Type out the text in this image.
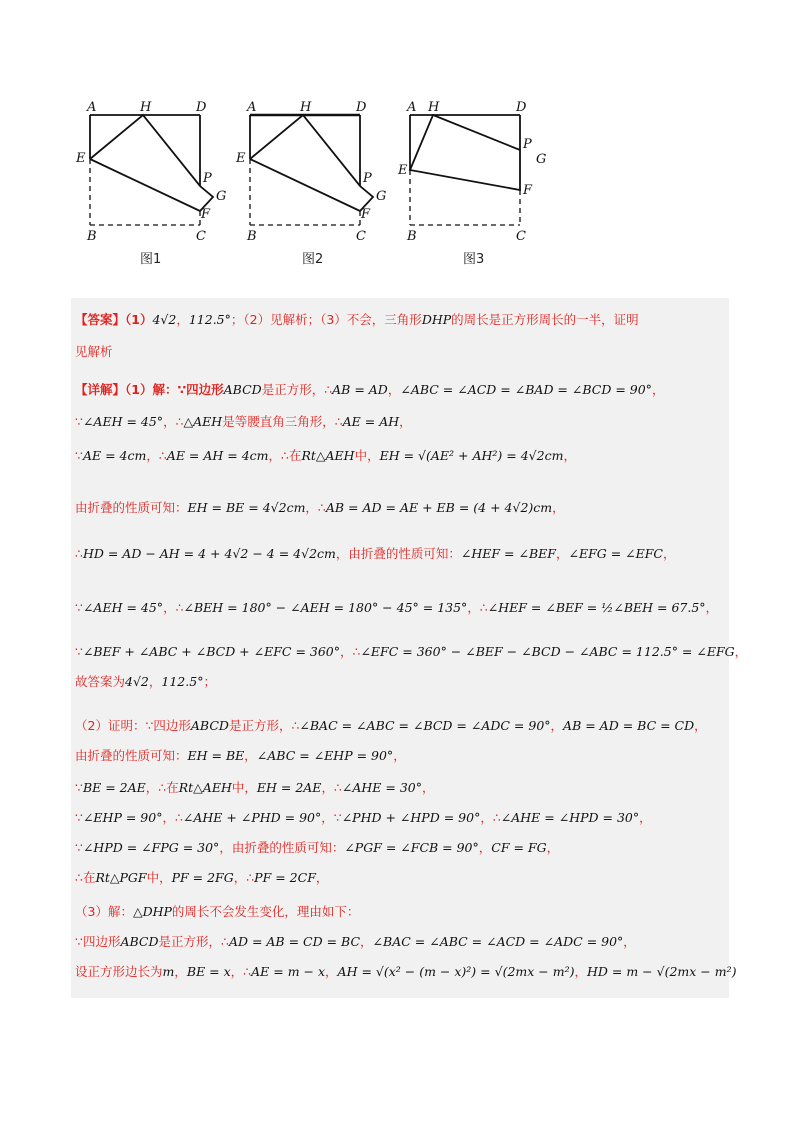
A	H	D
E
P
G
F
B	C
A	H	D
E
P
G
F
B	C
A H	D
E
P
G
F
B	C
图1	图2	图3
【答案】（1）4√2，112.5°；（2）见解析；（3）不会，三角形DHP的周长是正方形周长的一半，证明
见解析
【详解】（1）解：∵四边形ABCD是正方形，∴AB = AD，∠ABC = ∠ACD = ∠BAD = ∠BCD = 90°，
∵∠AEH = 45°，∴△AEH是等腰直角三角形，∴AE = AH，
∵AE = 4cm，∴AE = AH = 4cm，∴在Rt△AEH中，EH = √(AE² + AH²) = 4√2cm，
由折叠的性质可知：EH = BE = 4√2cm，∴AB = AD = AE + EB = (4 + 4√2)cm，
∴HD = AD − AH = 4 + 4√2 − 4 = 4√2cm，由折叠的性质可知：∠HEF = ∠BEF，∠EFG = ∠EFC，
∵∠AEH = 45°，∴∠BEH = 180° − ∠AEH = 180° − 45° = 135°，∴∠HEF = ∠BEF = ½∠BEH = 67.5°，
∵∠BEF + ∠ABC + ∠BCD + ∠EFC = 360°，∴∠EFC = 360° − ∠BEF − ∠BCD − ∠ABC = 112.5° = ∠EFG，
故答案为4√2，112.5°；
（2）证明：∵四边形ABCD是正方形，∴∠BAC = ∠ABC = ∠BCD = ∠ADC = 90°，AB = AD = BC = CD，
由折叠的性质可知：EH = BE，∠ABC = ∠EHP = 90°，
∵BE = 2AE，∴在Rt△AEH中，EH = 2AE，∴∠AHE = 30°，
∵∠EHP = 90°，∴∠AHE + ∠PHD = 90°，∵∠PHD + ∠HPD = 90°，∴∠AHE = ∠HPD = 30°，
∵∠HPD = ∠FPG = 30°，由折叠的性质可知：∠PGF = ∠FCB = 90°，CF = FG，
∴在Rt△PGF中，PF = 2FG，∴PF = 2CF，
（3）解：△DHP的周长不会发生变化，理由如下：
∵四边形ABCD是正方形，∴AD = AB = CD = BC，∠BAC = ∠ABC = ∠ACD = ∠ADC = 90°，
设正方形边长为m，BE = x，∴AE = m − x，AH = √(x² − (m − x)²) = √(2mx − m²)，HD = m − √(2mx − m²)
